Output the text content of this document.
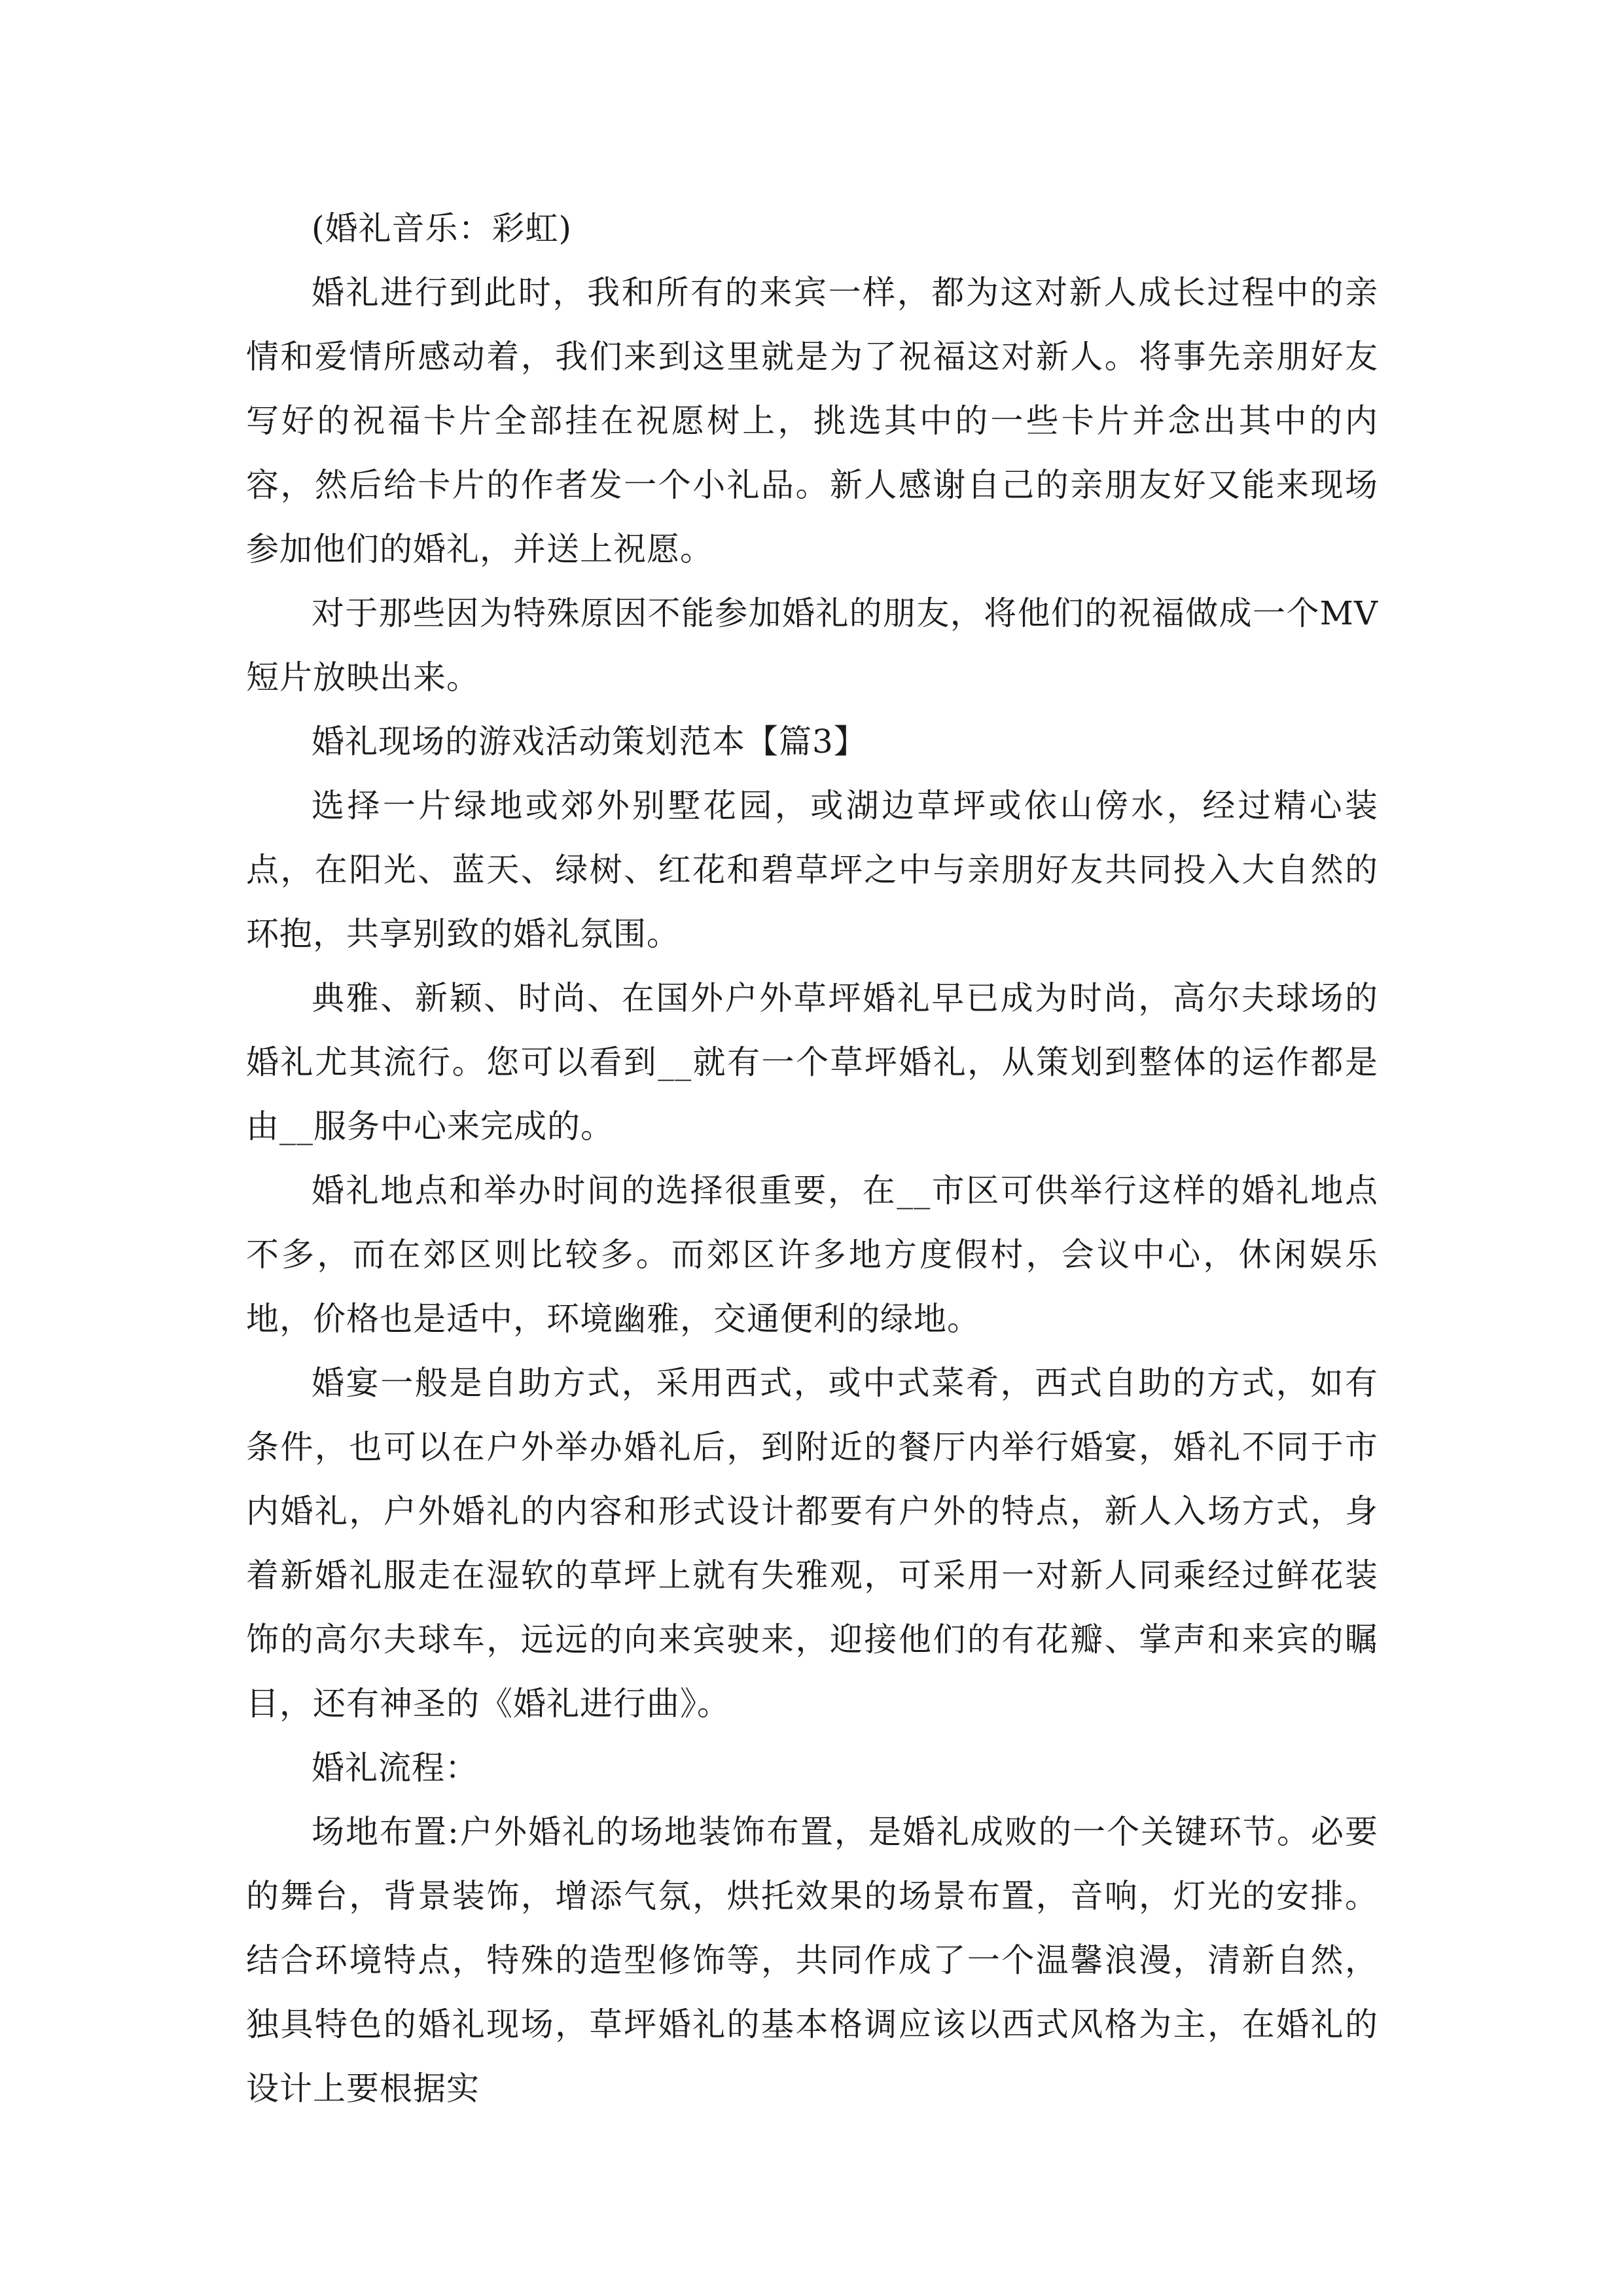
(婚礼音乐：彩虹)

婚礼进行到此时，我和所有的来宾一样，都为这对新人成长过程中的亲情和爱情所感动着，我们来到这里就是为了祝福这对新人。将事先亲朋好友写好的祝福卡片全部挂在祝愿树上，挑选其中的一些卡片并念出其中的内容，然后给卡片的作者发一个小礼品。新人感谢自己的亲朋友好又能来现场参加他们的婚礼，并送上祝愿。

对于那些因为特殊原因不能参加婚礼的朋友，将他们的祝福做成一个MV短片放映出来。

婚礼现场的游戏活动策划范本【篇3】

选择一片绿地或郊外别墅花园，或湖边草坪或依山傍水，经过精心装点，在阳光、蓝天、绿树、红花和碧草坪之中与亲朋好友共同投入大自然的环抱，共享别致的婚礼氛围。

典雅、新颖、时尚、在国外户外草坪婚礼早已成为时尚，高尔夫球场的婚礼尤其流行。您可以看到__就有一个草坪婚礼，从策划到整体的运作都是由__服务中心来完成的。

婚礼地点和举办时间的选择很重要，在__市区可供举行这样的婚礼地点不多，而在郊区则比较多。而郊区许多地方度假村，会议中心，休闲娱乐地，价格也是适中，环境幽雅，交通便利的绿地。

婚宴一般是自助方式，采用西式，或中式菜肴，西式自助的方式，如有条件，也可以在户外举办婚礼后，到附近的餐厅内举行婚宴，婚礼不同于市内婚礼，户外婚礼的内容和形式设计都要有户外的特点，新人入场方式，身着新婚礼服走在湿软的草坪上就有失雅观，可采用一对新人同乘经过鲜花装饰的高尔夫球车，远远的向来宾驶来，迎接他们的有花瓣、掌声和来宾的瞩目，还有神圣的《婚礼进行曲》。

婚礼流程：

场地布置:户外婚礼的场地装饰布置，是婚礼成败的一个关键环节。必要的舞台，背景装饰，增添气氛，烘托效果的场景布置，音响，灯光的安排。结合环境特点，特殊的造型修饰等，共同作成了一个温馨浪漫，清新自然，独具特色的婚礼现场，草坪婚礼的基本格调应该以西式风格为主，在婚礼的设计上要根据实
